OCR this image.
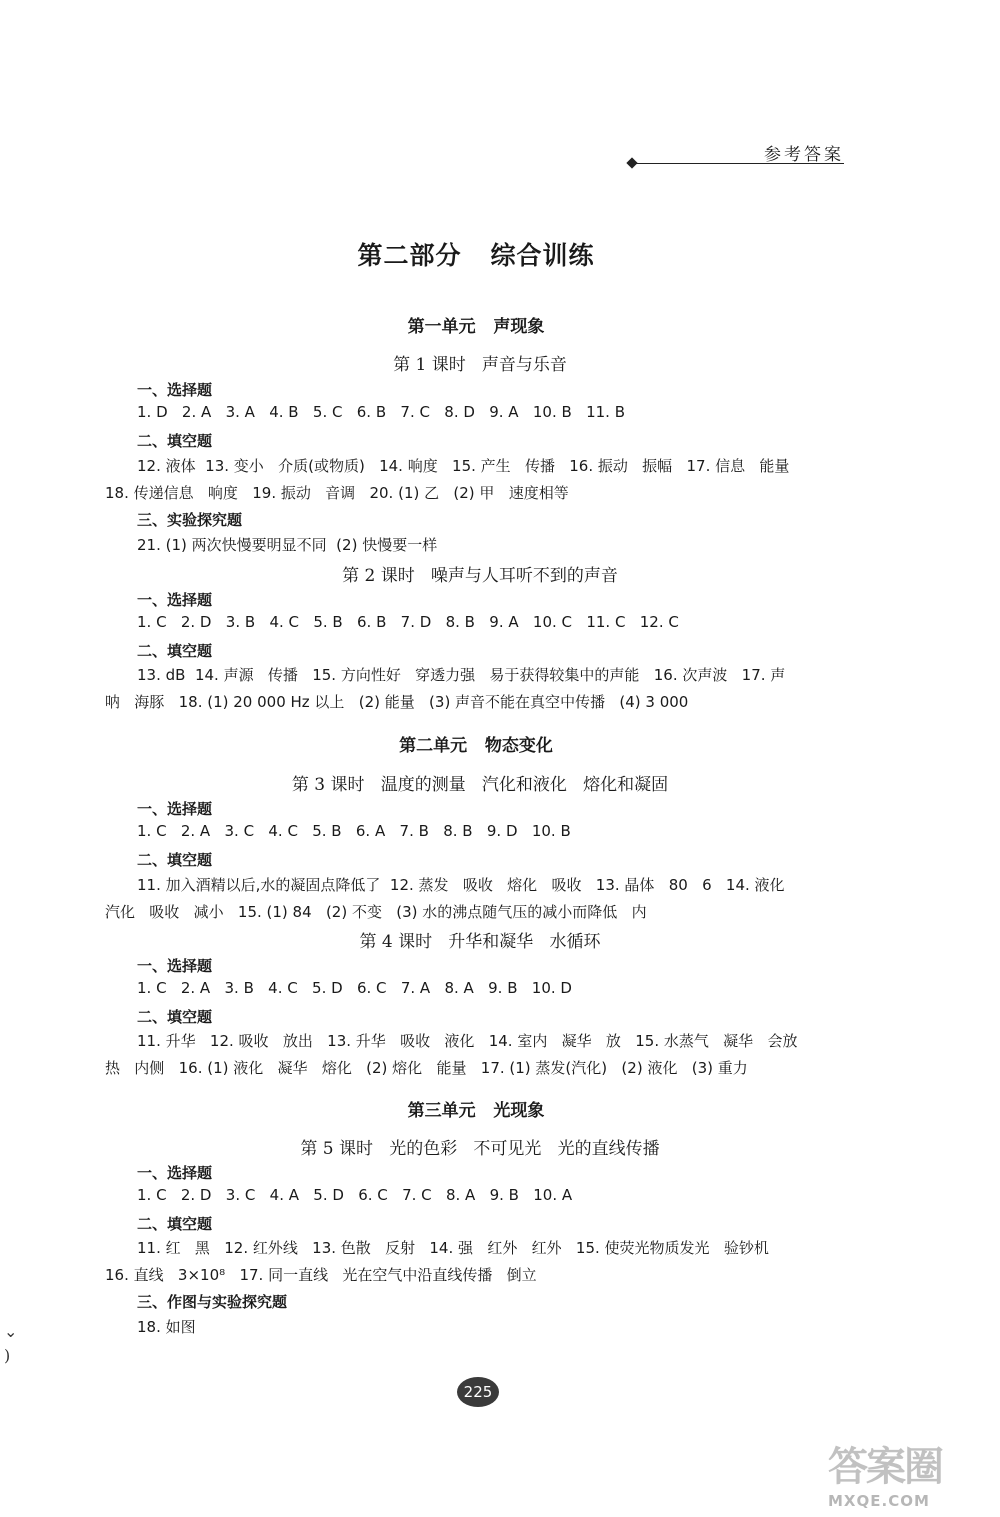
参考答案
第二部分   综合训练
第一单元   声现象
第 1 课时   声音与乐音
一、选择题
1. D   2. A   3. A   4. B   5. C   6. B   7. C   8. D   9. A   10. B   11. B
二、填空题
12. 液体  13. 变小   介质(或物质)   14. 响度   15. 产生   传播   16. 振动   振幅   17. 信息   能量
18. 传递信息   响度   19. 振动   音调   20. (1) 乙   (2) 甲   速度相等
三、实验探究题
21. (1) 两次快慢要明显不同  (2) 快慢要一样
第 2 课时   噪声与人耳听不到的声音
一、选择题
1. C   2. D   3. B   4. C   5. B   6. B   7. D   8. B   9. A   10. C   11. C   12. C
二、填空题
13. dB  14. 声源   传播   15. 方向性好   穿透力强   易于获得较集中的声能   16. 次声波   17. 声
呐   海豚   18. (1) 20 000 Hz 以上   (2) 能量   (3) 声音不能在真空中传播   (4) 3 000
第二单元   物态变化
第 3 课时   温度的测量   汽化和液化   熔化和凝固
一、选择题
1. C   2. A   3. C   4. C   5. B   6. A   7. B   8. B   9. D   10. B
二、填空题
11. 加入酒精以后,水的凝固点降低了  12. 蒸发   吸收   熔化   吸收   13. 晶体   80   6   14. 液化
汽化   吸收   减小   15. (1) 84   (2) 不变   (3) 水的沸点随气压的减小而降低   内
第 4 课时   升华和凝华   水循环
一、选择题
1. C   2. A   3. B   4. C   5. D   6. C   7. A   8. A   9. B   10. D
二、填空题
11. 升华   12. 吸收   放出   13. 升华   吸收   液化   14. 室内   凝华   放   15. 水蒸气   凝华   会放
热   内侧   16. (1) 液化   凝华   熔化   (2) 熔化   能量   17. (1) 蒸发(汽化)   (2) 液化   (3) 重力
第三单元   光现象
第 5 课时   光的色彩   不可见光   光的直线传播
一、选择题
1. C   2. D   3. C   4. A   5. D   6. C   7. C   8. A   9. B   10. A
二、填空题
11. 红   黑   12. 红外线   13. 色散   反射   14. 强   红外   红外   15. 使荧光物质发光   验钞机
16. 直线   3×10⁸   17. 同一直线   光在空气中沿直线传播   倒立
三、作图与实验探究题
18. 如图
⌄
)
225
答案圈
MXQE.COM
